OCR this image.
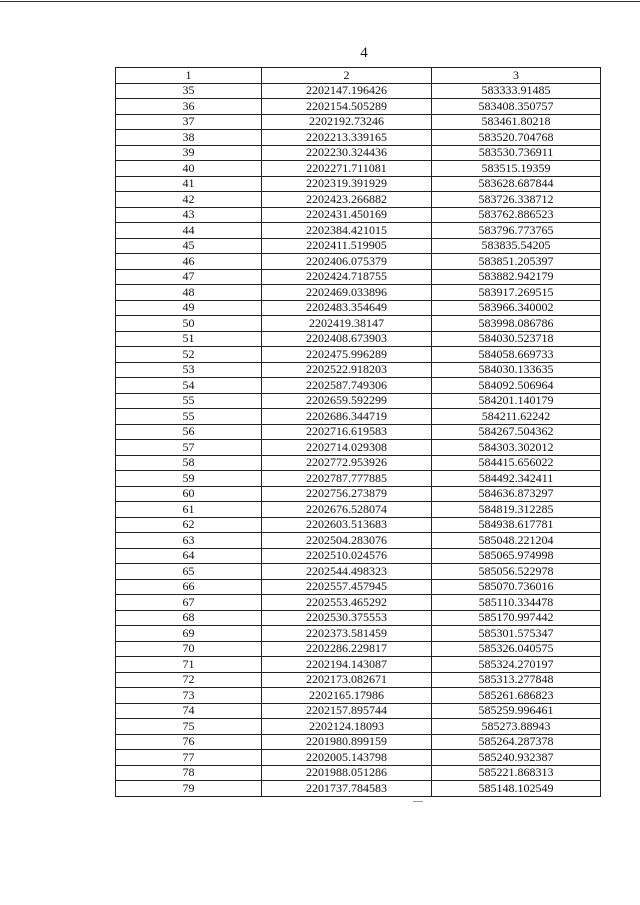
4
1	2	3
35	2202147.196426	583333.91485
36	2202154.505289	583408.350757
37	2202192.73246	583461.80218
38	2202213.339165	583520.704768
39	2202230.324436	583530.736911
40	2202271.711081	583515.19359
41	2202319.391929	583628.687844
42	2202423.266882	583726.338712
43	2202431.450169	583762.886523
44	2202384.421015	583796.773765
45	2202411.519905	583835.54205
46	2202406.075379	583851.205397
47	2202424.718755	583882.942179
48	2202469.033896	583917.269515
49	2202483.354649	583966.340002
50	2202419.38147	583998.086786
51	2202408.673903	584030.523718
52	2202475.996289	584058.669733
53	2202522.918203	584030.133635
54	2202587.749306	584092.506964
55	2202659.592299	584201.140179
55	2202686.344719	584211.62242
56	2202716.619583	584267.504362
57	2202714.029308	584303.302012
58	2202772.953926	584415.656022
59	2202787.777885	584492.342411
60	2202756.273879	584636.873297
61	2202676.528074	584819.312285
62	2202603.513683	584938.617781
63	2202504.283076	585048.221204
64	2202510.024576	585065.974998
65	2202544.498323	585056.522978
66	2202557.457945	585070.736016
67	2202553.465292	585110.334478
68	2202530.375553	585170.997442
69	2202373.581459	585301.575347
70	2202286.229817	585326.040575
71	2202194.143087	585324.270197
72	2202173.082671	585313.277848
73	2202165.17986	585261.686823
74	2202157.895744	585259.996461
75	2202124.18093	585273.88943
76	2201980.899159	585264.287378
77	2202005.143798	585240.932387
78	2201988.051286	585221.868313
79	2201737.784583	585148.102549
